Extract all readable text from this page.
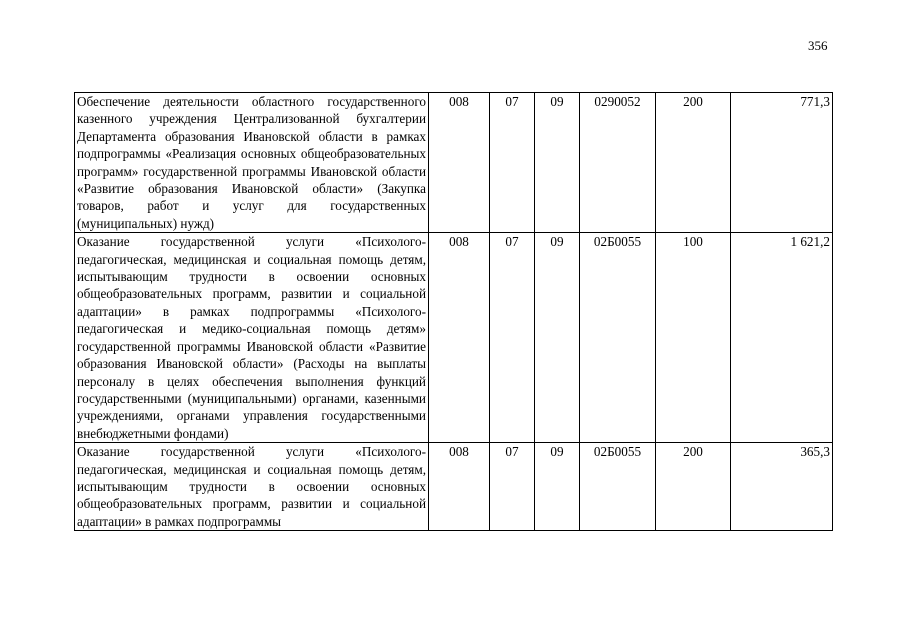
356
Обеспечение деятельности областного государственного казенного учреждения Централизованной бухгалтерии Департамента образования Ивановской области в рамках подпрограммы «Реализация основных общеобразовательных программ» государственной программы Ивановской области «Развитие образования Ивановской области» (Закупка товаров, работ и услуг для государственных (муниципальных) нужд)	008	07	09	0290052	200	771,3
Оказание государственной услуги «Психолого-педагогическая, медицинская и социальная помощь детям, испытывающим трудности в освоении основных общеобразовательных программ, развитии и социальной адаптации» в рамках подпрограммы «Психолого-педагогическая и медико-социальная помощь детям» государственной программы Ивановской области «Развитие образования Ивановской области» (Расходы на выплаты персоналу в целях обеспечения выполнения функций государственными (муниципальными) органами, казенными учреждениями, органами управления государственными внебюджетными фондами)	008	07	09	02Б0055	100	1 621,2
Оказание государственной услуги «Психолого-педагогическая, медицинская и социальная помощь детям, испытывающим трудности в освоении основных общеобразовательных программ, развитии и социальной адаптации» в рамках подпрограммы	008	07	09	02Б0055	200	365,3
